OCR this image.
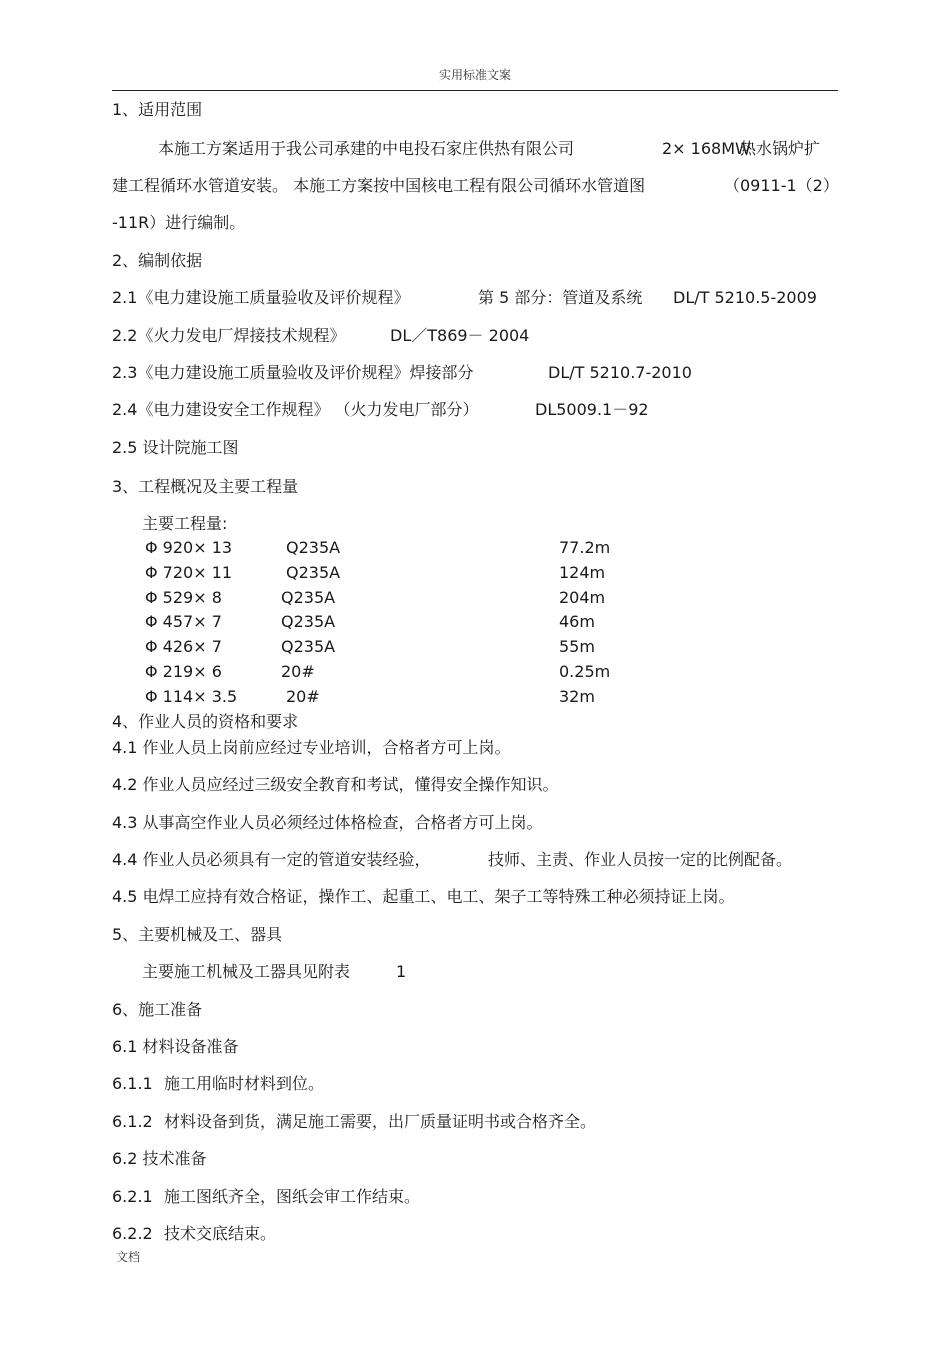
实用标准文案
1、适用范围
本施工方案适用于我公司承建的中电投石家庄供热有限公司	2× 168MW
热水锅炉扩
建工程循环水管道安装。 本施工方案按中国核电工程有限公司循环水管道图	（0911-1（2）
-11R）进行编制。
2、编制依据
2.1《电力建设施工质量验收及评价规程》	第 5 部分：管道及系统 DL/T 5210.5-2009
2.2《火力发电厂焊接技术规程》	DL／T869－ 2004
2.3《电力建设施工质量验收及评价规程》焊接部分	DL/T 5210.7-2010
2.4《电力建设安全工作规程》 （火力发电厂部分）	DL5009.1－92
2.5 设计院施工图
3、工程概况及主要工程量
主要工程量:
Φ 920× 13	Q235A	77.2m
Φ 720× 11	Q235A	124m
Φ 529× 8	Q235A	204m
Φ 457× 7	Q235A	46m
Φ 426× 7	Q235A	55m
Φ 219× 6	20#	0.25m
Φ 114× 3.5	20#	32m
4、作业人员的资格和要求
4.1 作业人员上岗前应经过专业培训，合格者方可上岗。
4.2 作业人员应经过三级安全教育和考试，懂得安全操作知识。
4.3 从事高空作业人员必须经过体格检查，合格者方可上岗。
4.4 作业人员必须具有一定的管道安装经验，	技师、主责、作业人员按一定的比例配备。
4.5 电焊工应持有效合格证，操作工、起重工、电工、架子工等特殊工种必须持证上岗。
5、主要机械及工、器具
主要施工机械及工器具见附表	1
6、施工准备
6.1 材料设备准备
6.1.1 施工用临时材料到位。
6.1.2 材料设备到货，满足施工需要，出厂质量证明书或合格齐全。
6.2 技术准备
6.2.1 施工图纸齐全，图纸会审工作结束。
6.2.2 技术交底结束。
文档
